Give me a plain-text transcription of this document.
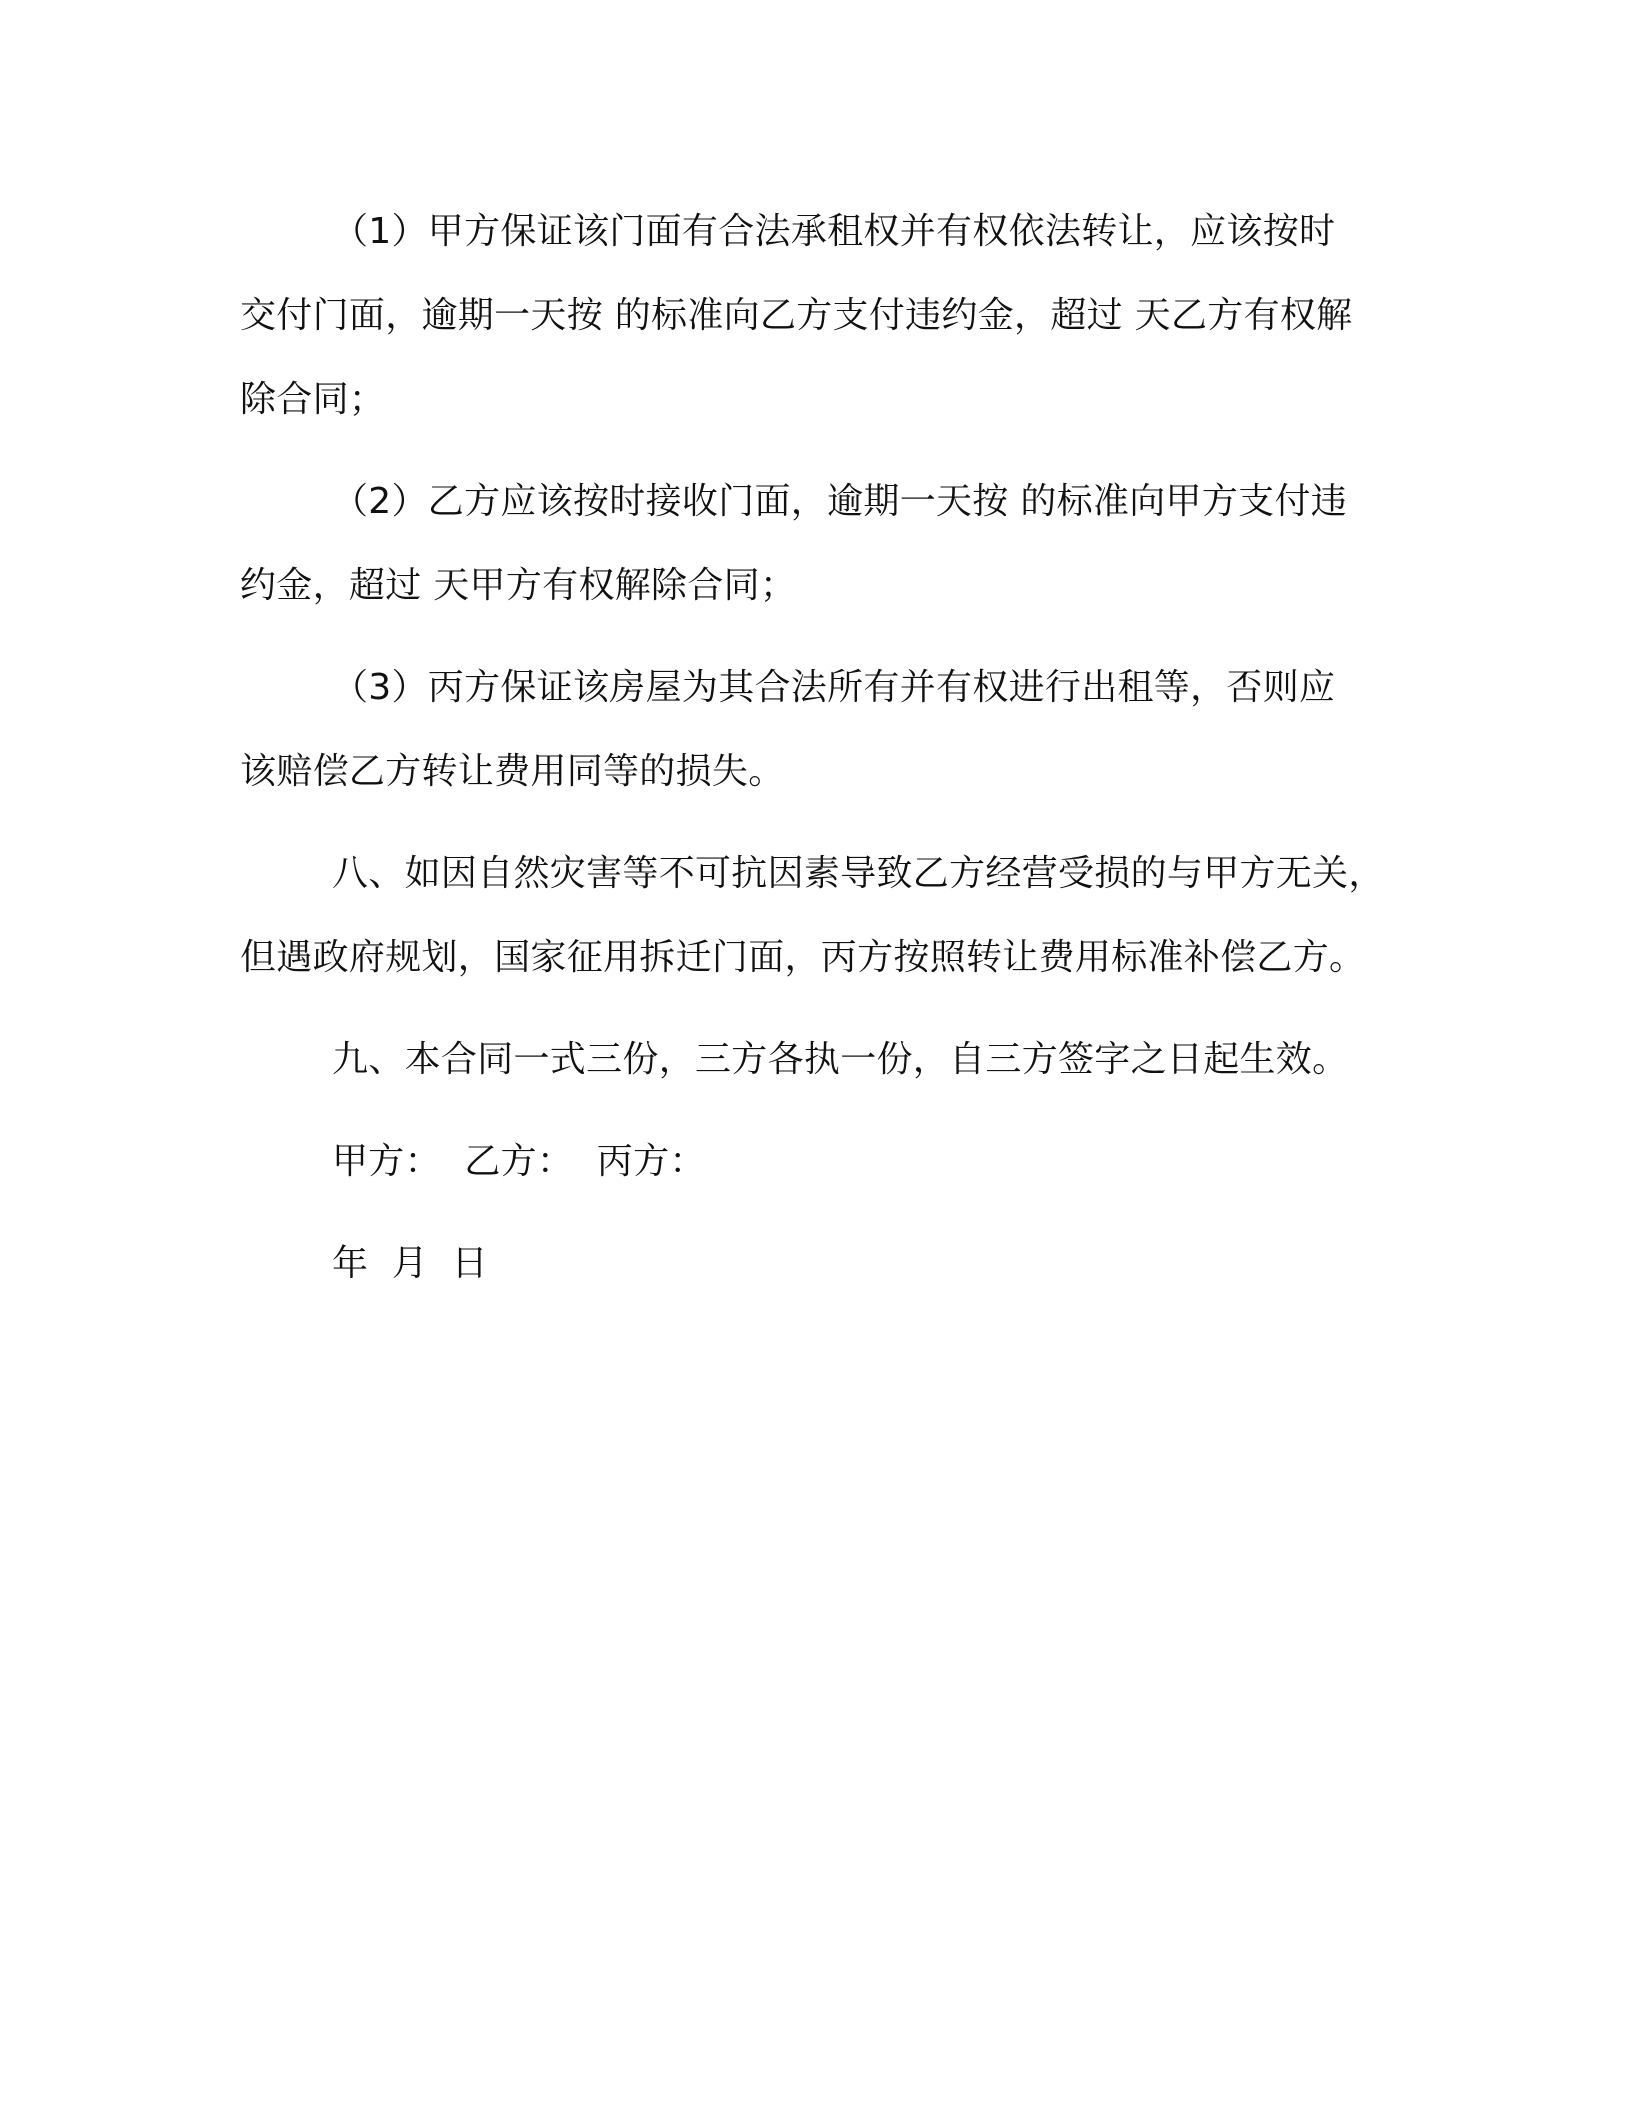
（1）甲方保证该门面有合法承租权并有权依法转让，应该按时
交付门面，逾期一天按 的标准向乙方支付违约金，超过 天乙方有权解
除合同；
（2）乙方应该按时接收门面，逾期一天按 的标准向甲方支付违
约金，超过 天甲方有权解除合同；
（3）丙方保证该房屋为其合法所有并有权进行出租等，否则应
该赔偿乙方转让费用同等的损失。
八、如因自然灾害等不可抗因素导致乙方经营受损的与甲方无关，
但遇政府规划，国家征用拆迁门面，丙方按照转让费用标准补偿乙方。
九、本合同一式三份，三方各执一份，自三方签字之日起生效。
甲方：  乙方：  丙方：
年  月  日
